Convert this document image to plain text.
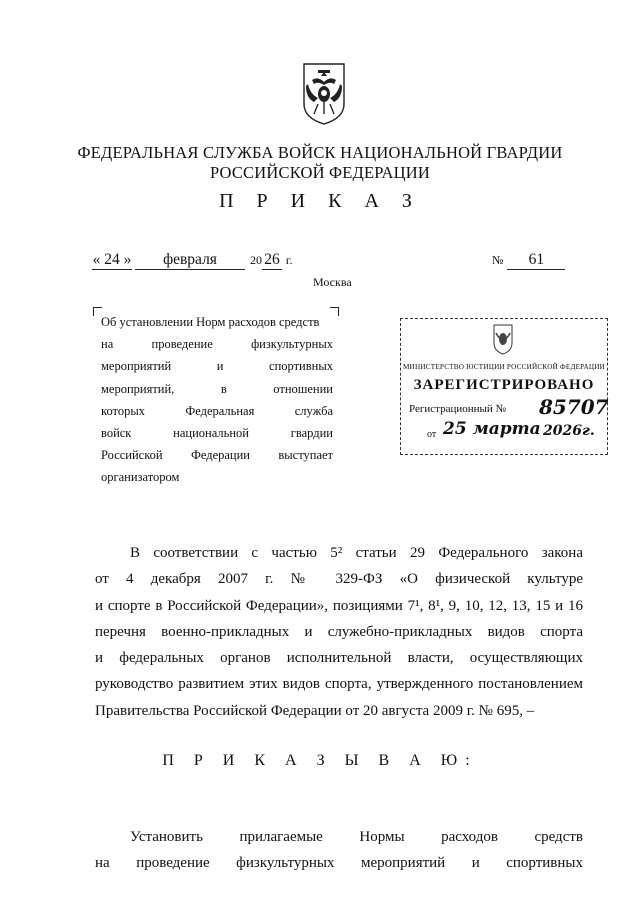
ФЕДЕРАЛЬНАЯ СЛУЖБА ВОЙСК НАЦИОНАЛЬНОЙ ГВАРДИИ
РОССИЙСКОЙ ФЕДЕРАЦИИ
П Р И К А З
« 24 »	февраля	20 26 г.	№ 61
Москва
Об установлении Норм расходов средств
на проведение физкультурных
мероприятий и спортивных
мероприятий, в отношении
которых Федеральная служба
войск национальной гвардии
Российской Федерации выступает
организатором
МИНИСТЕРСТВО ЮСТИЦИИ РОССИЙСКОЙ ФЕДЕРАЦИИ
ЗАРЕГИСТРИРОВАНО
Регистрационный № 85707
от 25 марта 2026г.
В соответствии с частью 5² статьи 29 Федерального закона
от 4 декабря 2007 г. № 329-ФЗ «О физической культуре
и спорте в Российской Федерации», позициями 7¹, 8¹, 9, 10, 12, 13, 15 и 16
перечня военно-прикладных и служебно-прикладных видов спорта
и федеральных органов исполнительной власти, осуществляющих
руководство развитием этих видов спорта, утвержденного постановлением
Правительства Российской Федерации от 20 августа 2009 г. № 695, –
П Р И К А З Ы В А Ю:
Установить прилагаемые Нормы расходов средств
на проведение физкультурных мероприятий и спортивных
